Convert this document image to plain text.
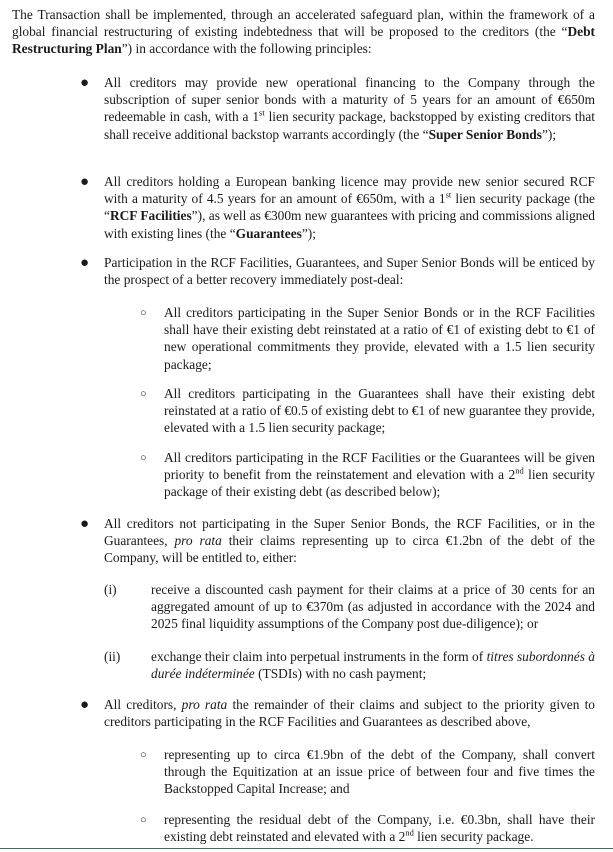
The Transaction shall be implemented, through an accelerated safeguard plan, within the framework of a global financial restructuring of existing indebtedness that will be proposed to the creditors (the “Debt Restructuring Plan”) in accordance with the following principles:

● All creditors may provide new operational financing to the Company through the subscription of super senior bonds with a maturity of 5 years for an amount of €650m redeemable in cash, with a 1st lien security package, backstopped by existing creditors that shall receive additional backstop warrants accordingly (the “Super Senior Bonds”);

● All creditors holding a European banking licence may provide new senior secured RCF with a maturity of 4.5 years for an amount of €650m, with a 1st lien security package (the “RCF Facilities”), as well as €300m new guarantees with pricing and commissions aligned with existing lines (the “Guarantees”);

● Participation in the RCF Facilities, Guarantees, and Super Senior Bonds will be enticed by the prospect of a better recovery immediately post-deal:

○ All creditors participating in the Super Senior Bonds or in the RCF Facilities shall have their existing debt reinstated at a ratio of €1 of existing debt to €1 of new operational commitments they provide, elevated with a 1.5 lien security package;

○ All creditors participating in the Guarantees shall have their existing debt reinstated at a ratio of €0.5 of existing debt to €1 of new guarantee they provide, elevated with a 1.5 lien security package;

○ All creditors participating in the RCF Facilities or the Guarantees will be given priority to benefit from the reinstatement and elevation with a 2nd lien security package of their existing debt (as described below);

● All creditors not participating in the Super Senior Bonds, the RCF Facilities, or in the Guarantees, pro rata their claims representing up to circa €1.2bn of the debt of the Company, will be entitled to, either:

(i)	receive a discounted cash payment for their claims at a price of 30 cents for an aggregated amount of up to €370m (as adjusted in accordance with the 2024 and 2025 final liquidity assumptions of the Company post due-diligence); or

(ii) exchange their claim into perpetual instruments in the form of titres subordonnés à durée indéterminée (TSDIs) with no cash payment;

● All creditors, pro rata the remainder of their claims and subject to the priority given to creditors participating in the RCF Facilities and Guarantees as described above,

○ representing up to circa €1.9bn of the debt of the Company, shall convert through the Equitization at an issue price of between four and five times the Backstopped Capital Increase; and

○ representing the residual debt of the Company, i.e. €0.3bn, shall have their existing debt reinstated and elevated with a 2nd lien security package.
